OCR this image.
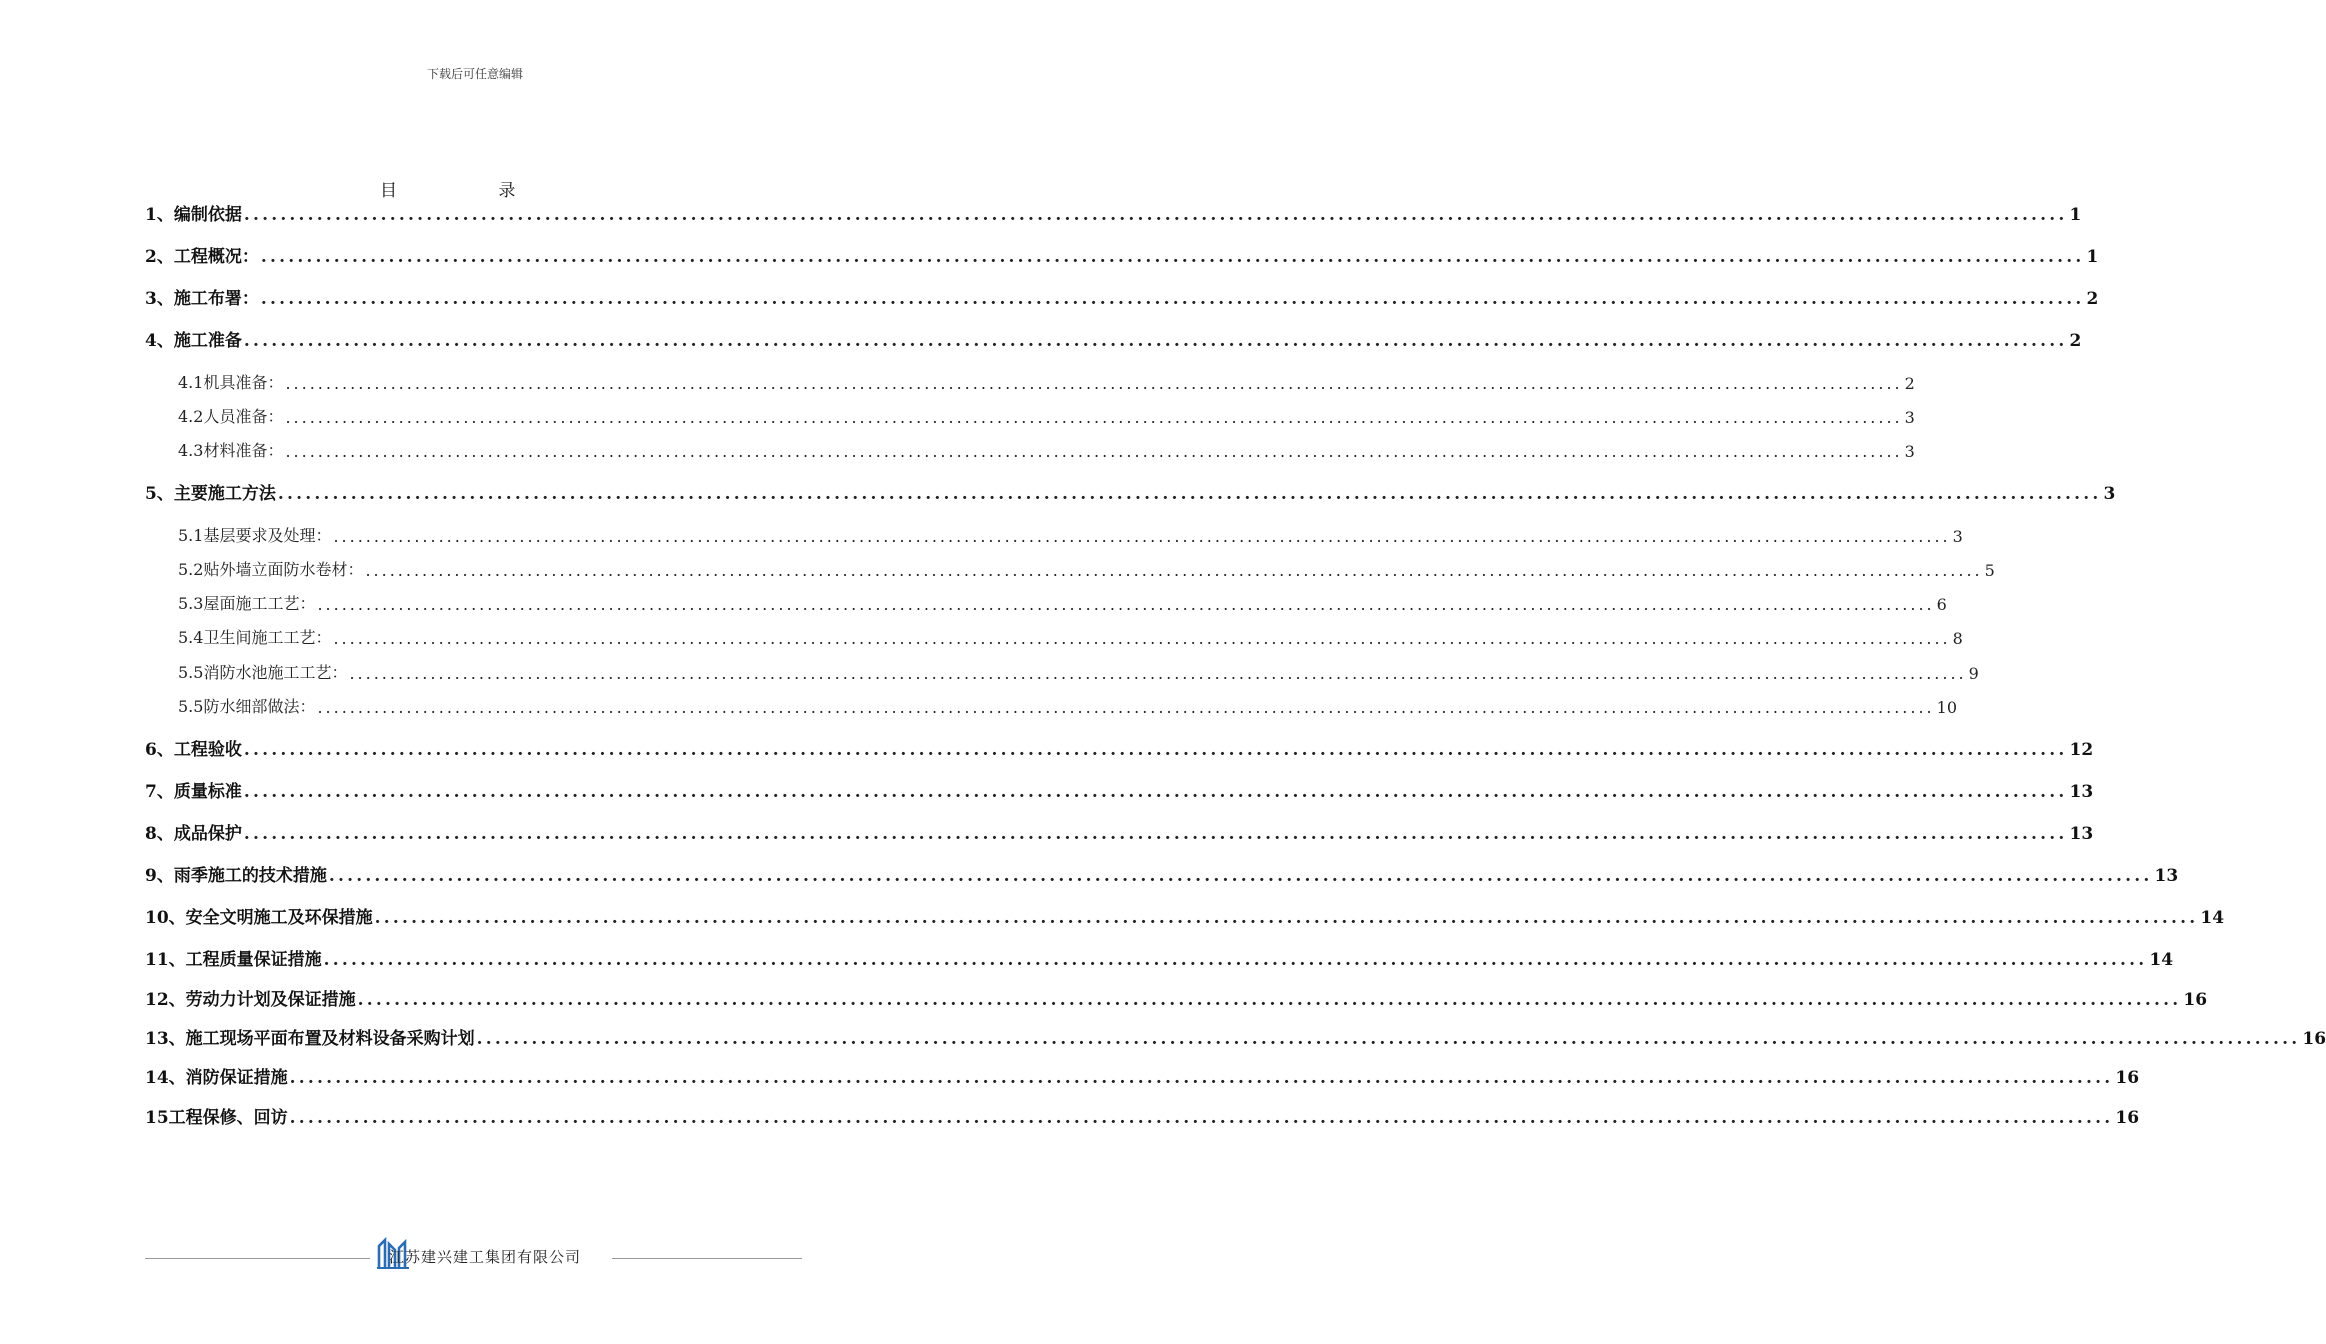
下载后可任意编辑
目	录
1、编制依据 ........................................................................................................................................................................................................ 1
2、工程概况： ........................................................................................................................................................................................................ 1
3、施工布署： ........................................................................................................................................................................................................ 2
4、施工准备 ........................................................................................................................................................................................................ 2
4.1机具准备： ........................................................................................................................................................................................................ 2
4.2人员准备： ........................................................................................................................................................................................................ 3
4.3材料准备： ........................................................................................................................................................................................................ 3
5、主要施工方法 ........................................................................................................................................................................................................ 3
5.1基层要求及处理： ........................................................................................................................................................................................................ 3
5.2贴外墙立面防水卷材： ........................................................................................................................................................................................................ 5
5.3屋面施工工艺： ........................................................................................................................................................................................................ 6
5.4卫生间施工工艺： ........................................................................................................................................................................................................ 8
5.5消防水池施工工艺： ........................................................................................................................................................................................................ 9
5.5防水细部做法： ........................................................................................................................................................................................................ 10
6、工程验收 ........................................................................................................................................................................................................ 12
7、质量标准 ........................................................................................................................................................................................................ 13
8、成品保护 ........................................................................................................................................................................................................ 13
9、雨季施工的技术措施 ........................................................................................................................................................................................................ 13
10、安全文明施工及环保措施 ........................................................................................................................................................................................................ 14
11、工程质量保证措施 ........................................................................................................................................................................................................ 14
12、劳动力计划及保证措施 ........................................................................................................................................................................................................ 16
13、施工现场平面布置及材料设备采购计划 ........................................................................................................................................................................................................ 16
14、消防保证措施 ........................................................................................................................................................................................................ 16
15工程保修、回访 ........................................................................................................................................................................................................ 16
江苏建兴建工集团有限公司
